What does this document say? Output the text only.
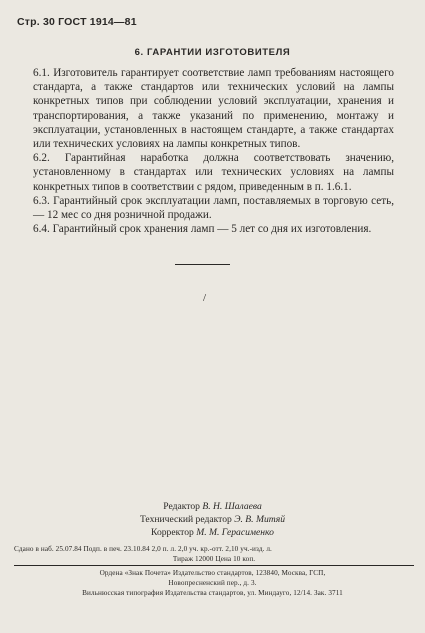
Стр. 30 ГОСТ 1914—81
6. ГАРАНТИИ ИЗГОТОВИТЕЛЯ

6.1. Изготовитель гарантирует соответствие ламп требованиям настоящего стандарта, а также стандартов или технических условий на лампы конкретных типов при соблюдении условий эксплуатации, хранения и транспортирования, а также указаний по применению, монтажу и эксплуатации, установленных в настоящем стандарте, а также стандартах или технических условиях на лампы конкретных типов.

6.2. Гарантийная наработка должна соответствовать значению, установленному в стандартах или технических условиях на лампы конкретных типов в соответствии с рядом, приведенным в п. 1.6.1.

6.3. Гарантийный срок эксплуатации ламп, поставляемых в торговую сеть, — 12 мес со дня розничной продажи.

6.4. Гарантийный срок хранения ламп — 5 лет со дня их изготовления.

/

Редактор В. Н. Шалаева

Технический редактор Э. В. Митяй

Корректор М. М. Герасименко

Сдано в наб. 25.07.84 Подп. в печ. 23.10.84 2,0 п. л. 2,0 уч. кр.-отт. 2,10 уч.-изд. л.
Тираж 12000 Цена 10 коп.
Ордена «Знак Почета» Издательство стандартов, 123840, Москва, ГСП,
Новопресненский пер., д. 3.
Вильнюсская типография Издательства стандартов, ул. Миндауго, 12/14. Зак. 3711
